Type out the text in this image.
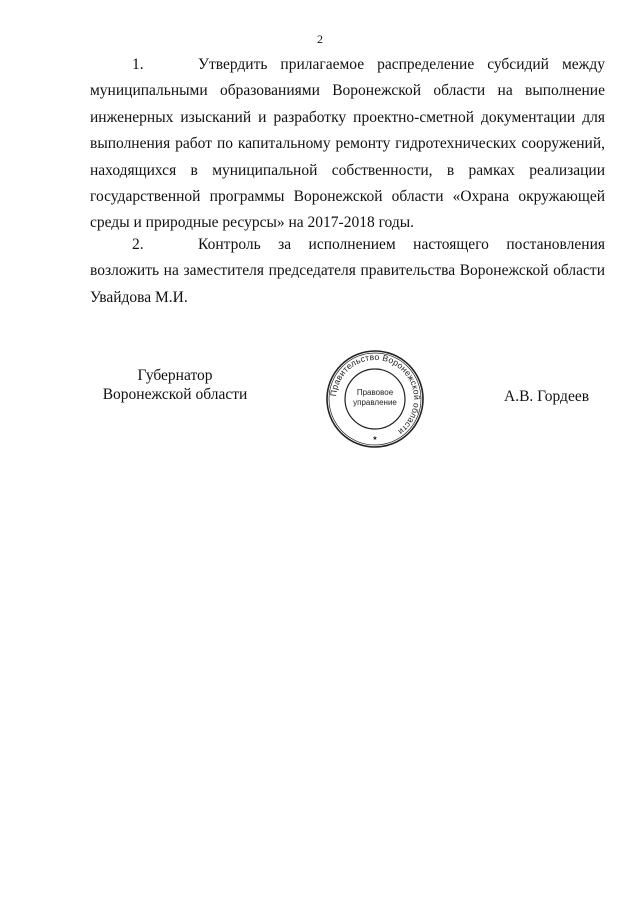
2

1.	Утвердить прилагаемое распределение субсидий между муниципальными образованиями Воронежской области на выполнение инженерных изысканий и разработку проектно-сметной документации для выполнения работ по капитальному ремонту гидротехнических сооружений, находящихся в муниципальной собственности, в рамках реализации государственной программы Воронежской области «Охрана окружающей среды и природные ресурсы» на 2017-2018 годы.

2.	Контроль за исполнением настоящего постановления возложить на заместителя председателя правительства Воронежской области Увайдова М.И.

Губернатор
Воронежской области	Правительство Воронежской области
Правовое
управление
★
А.В. Гордеев
